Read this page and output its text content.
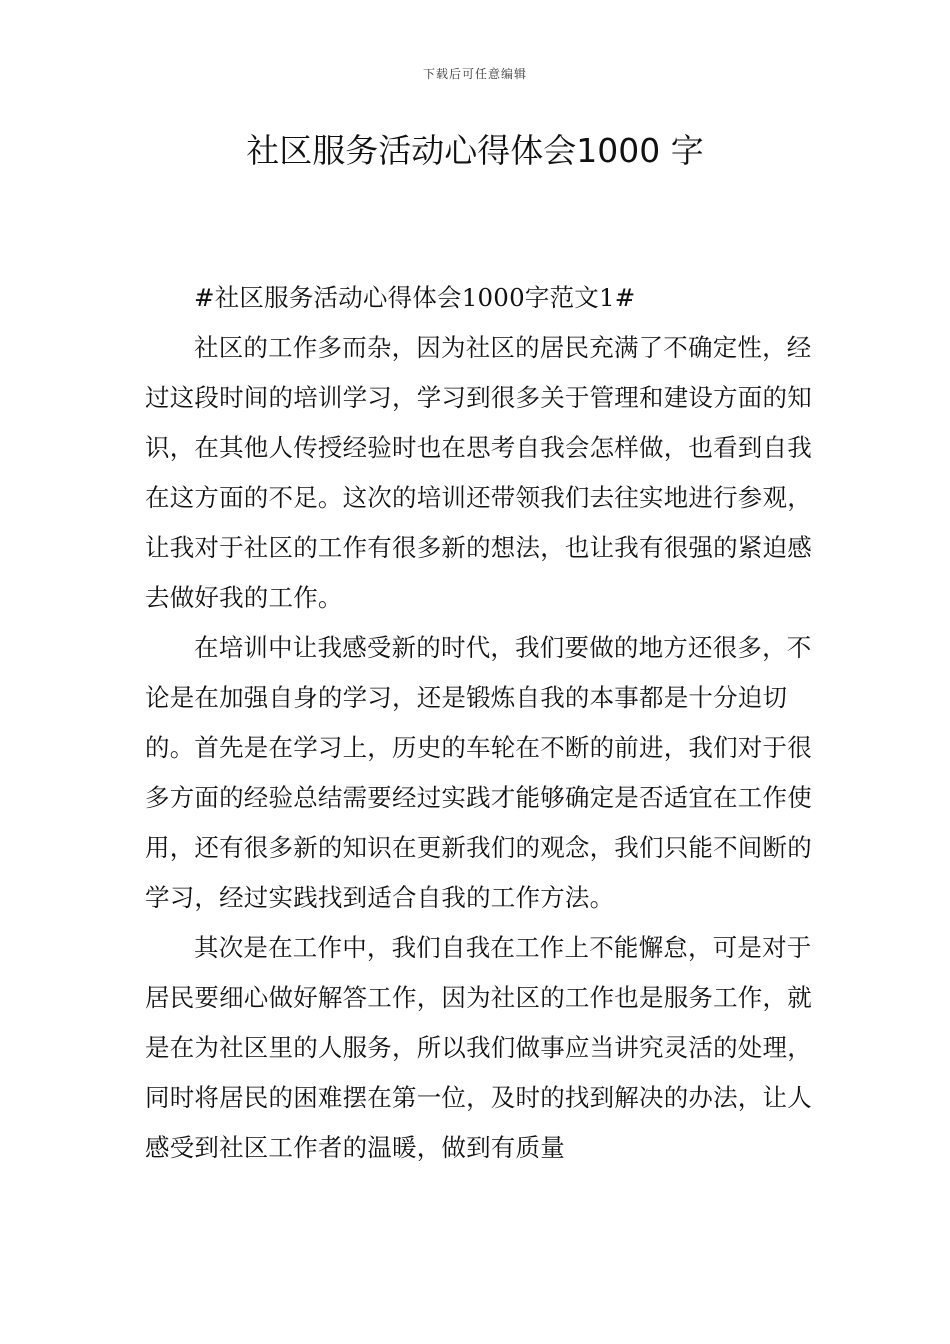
下载后可任意编辑
社区服务活动心得体会1000 字

#社区服务活动心得体会1000字范文1#

社区的工作多而杂，因为社区的居民充满了不确定性，经过这段时间的培训学习，学习到很多关于管理和建设方面的知识，在其他人传授经验时也在思考自我会怎样做，也看到自我在这方面的不足。这次的培训还带领我们去往实地进行参观，让我对于社区的工作有很多新的想法，也让我有很强的紧迫感去做好我的工作。

在培训中让我感受新的时代，我们要做的地方还很多，不论是在加强自身的学习，还是锻炼自我的本事都是十分迫切的。首先是在学习上，历史的车轮在不断的前进，我们对于很多方面的经验总结需要经过实践才能够确定是否适宜在工作使用，还有很多新的知识在更新我们的观念，我们只能不间断的学习，经过实践找到适合自我的工作方法。

其次是在工作中，我们自我在工作上不能懈怠，可是对于居民要细心做好解答工作，因为社区的工作也是服务工作，就是在为社区里的人服务，所以我们做事应当讲究灵活的处理，同时将居民的困难摆在第一位，及时的找到解决的办法，让人感受到社区工作者的温暖，做到有质量
